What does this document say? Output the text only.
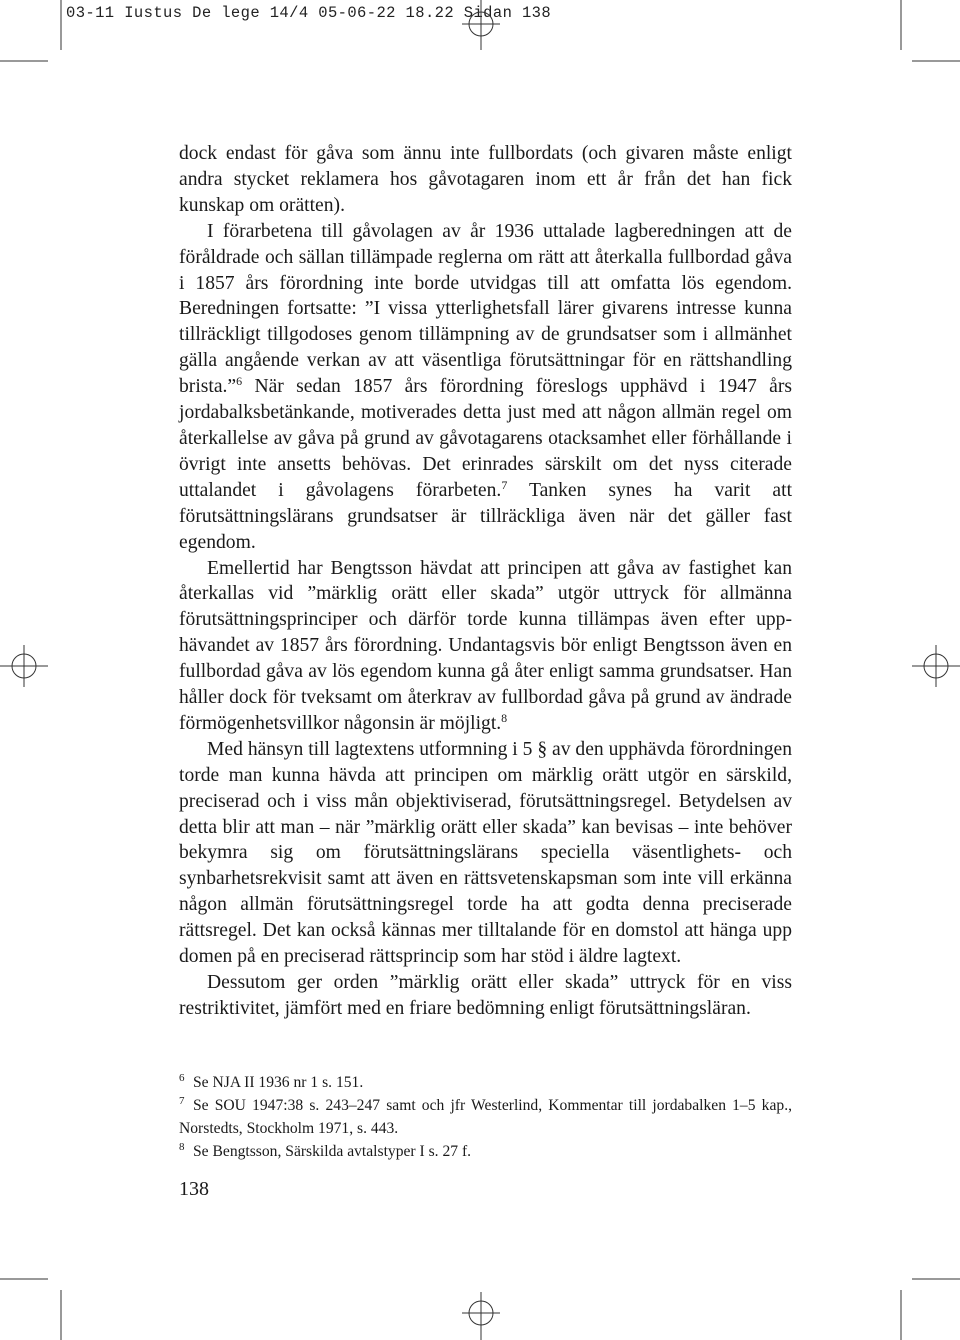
03-11 Iustus De lege 14/4 05-06-22 18.22 Sidan 138

dock endast för gåva som ännu inte fullbordats (och givaren måste enligt andra stycket reklamera hos gåvotagaren inom ett år från det han fick kunskap om orätten).

I förarbetena till gåvolagen av år 1936 uttalade lagberedningen att de föråldrade och sällan tillämpade reglerna om rätt att återkalla fullbordad gåva i 1857 års förordning inte borde utvidgas till att omfatta lös egendom. Beredningen fortsatte: ”I vissa ytterlighetsfall lärer givarens intresse kunna tillräckligt tillgodoses genom tillämpning av de grundsatser som i allmänhet gälla angående verkan av att väsentliga förutsättningar för en rättshandling brista.”$^6$ När sedan 1857 års förordning föreslogs upphävd i 1947 års jordabalksbetänkande, motiverades detta just med att någon allmän regel om återkallelse av gåva på grund av gåvotagarens otacksamhet eller förhållande i övrigt inte ansetts behövas. Det erinrades särskilt om det nyss citerade uttalandet i gåvolagens förarbeten.$^7$ Tanken synes ha varit att förutsättningslärans grundsatser är tillräckliga även när det gäller fast egendom.

Emellertid har Bengtsson hävdat att principen att gåva av fastighet kan återkallas vid ”märklig orätt eller skada” utgör uttryck för allmänna förutsättningsprinciper och därför torde kunna tillämpas även efter upphävandet av 1857 års förordning. Undantagsvis bör enligt Bengtsson även en fullbordad gåva av lös egendom kunna gå åter enligt samma grundsatser. Han håller dock för tveksamt om återkrav av fullbordad gåva på grund av ändrade förmögenhetsvillkor någonsin är möjligt.$^8$

Med hänsyn till lagtextens utformning i 5 § av den upphävda förordningen torde man kunna hävda att principen om märklig orätt utgör en särskild, preciserad och i viss mån objektiviserad, förutsättningsregel. Betydelsen av detta blir att man – när ”märklig orätt eller skada” kan bevisas – inte behöver bekymra sig om förutsättningslärans speciella väsentlighets- och synbarhetsrekvisit samt att även en rättsvetenskapsman som inte vill erkänna någon allmän förutsättningsregel torde ha att godta denna preciserade rättsregel. Det kan också kännas mer tilltalande för en domstol att hänga upp domen på en preciserad rättsprincip som har stöd i äldre lagtext.

Dessutom ger orden ”märklig orätt eller skada” uttryck för en viss restriktivitet, jämfört med en friare bedömning enligt förutsättningsläran.

6 Se NJA II 1936 nr 1 s. 151.

7 Se SOU 1947:38 s. 243–247 samt och jfr Westerlind, Kommentar till jordabalken 1–5 kap., Norstedts, Stockholm 1971, s. 443.

8 Se Bengtsson, Särskilda avtalstyper I s. 27 f.

138
